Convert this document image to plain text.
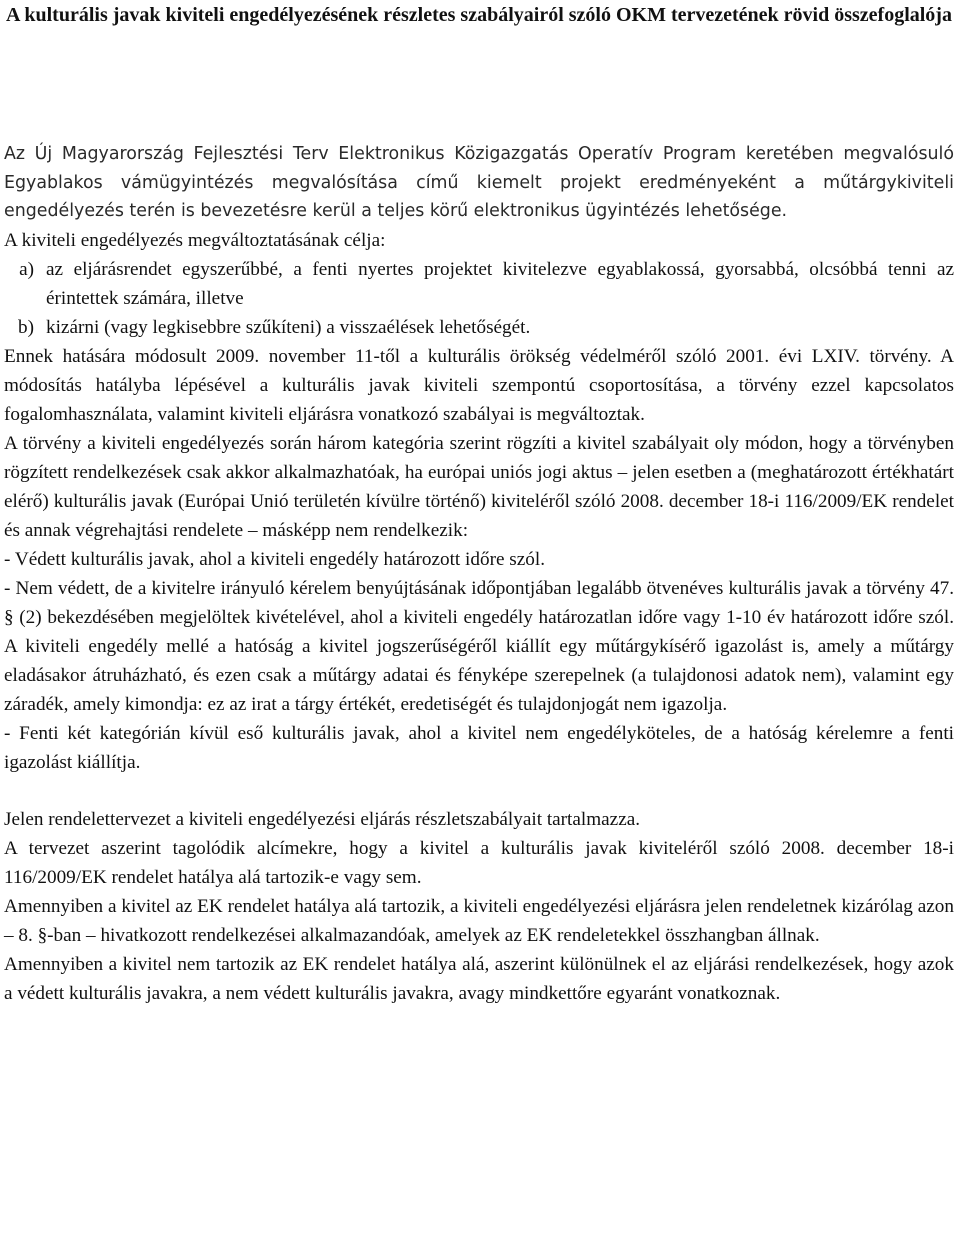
A kulturális javak kiviteli engedélyezésének részletes szabályairól szóló OKM tervezetének rövid összefoglalója

Az Új Magyarország Fejlesztési Terv Elektronikus Közigazgatás Operatív Program keretében megvalósuló Egyablakos vámügyintézés megvalósítása című kiemelt projekt eredményeként a műtárgykiviteli engedélyezés terén is bevezetésre kerül a teljes körű elektronikus ügyintézés lehetősége.

A kiviteli engedélyezés megváltoztatásának célja:

a) az eljárásrendet egyszerűbbé, a fenti nyertes projektet kivitelezve egyablakossá, gyorsabbá, olcsóbbá tenni az érintettek számára, illetve
b) kizárni (vagy legkisebbre szűkíteni) a visszaélések lehetőségét.

Ennek hatására módosult 2009. november 11-től a kulturális örökség védelméről szóló 2001. évi LXIV. törvény. A módosítás hatályba lépésével a kulturális javak kiviteli szempontú csoportosítása, a törvény ezzel kapcsolatos fogalomhasználata, valamint kiviteli eljárásra vonatkozó szabályai is megváltoztak.

A törvény a kiviteli engedélyezés során három kategória szerint rögzíti a kivitel szabályait oly módon, hogy a törvényben rögzített rendelkezések csak akkor alkalmazhatóak, ha európai uniós jogi aktus – jelen esetben a (meghatározott értékhatárt elérő) kulturális javak (Európai Unió területén kívülre történő) kiviteléről szóló 2008. december 18-i 116/2009/EK rendelet és annak végrehajtási rendelete – másképp nem rendelkezik:

- Védett kulturális javak, ahol a kiviteli engedély határozott időre szól.

- Nem védett, de a kivitelre irányuló kérelem benyújtásának időpontjában legalább ötvenéves kulturális javak a törvény 47. § (2) bekezdésében megjelöltek kivételével, ahol a kiviteli engedély határozatlan időre vagy 1-10 év határozott időre szól. A kiviteli engedély mellé a hatóság a kivitel jogszerűségéről kiállít egy műtárgykísérő igazolást is, amely a műtárgy eladásakor átruházható, és ezen csak a műtárgy adatai és fényképe szerepelnek (a tulajdonosi adatok nem), valamint egy záradék, amely kimondja: ez az irat a tárgy értékét, eredetiségét és tulajdonjogát nem igazolja.

- Fenti két kategórián kívül eső kulturális javak, ahol a kivitel nem engedélyköteles, de a hatóság kérelemre a fenti igazolást kiállítja.

Jelen rendelettervezet a kiviteli engedélyezési eljárás részletszabályait tartalmazza.

A tervezet aszerint tagolódik alcímekre, hogy a kivitel a kulturális javak kiviteléről szóló 2008. december 18-i 116/2009/EK rendelet hatálya alá tartozik-e vagy sem.

Amennyiben a kivitel az EK rendelet hatálya alá tartozik, a kiviteli engedélyezési eljárásra jelen rendeletnek kizárólag azon – 8. §-ban – hivatkozott rendelkezései alkalmazandóak, amelyek az EK rendeletekkel összhangban állnak.

Amennyiben a kivitel nem tartozik az EK rendelet hatálya alá, aszerint különülnek el az eljárási rendelkezések, hogy azok a védett kulturális javakra, a nem védett kulturális javakra, avagy mindkettőre egyaránt vonatkoznak.
